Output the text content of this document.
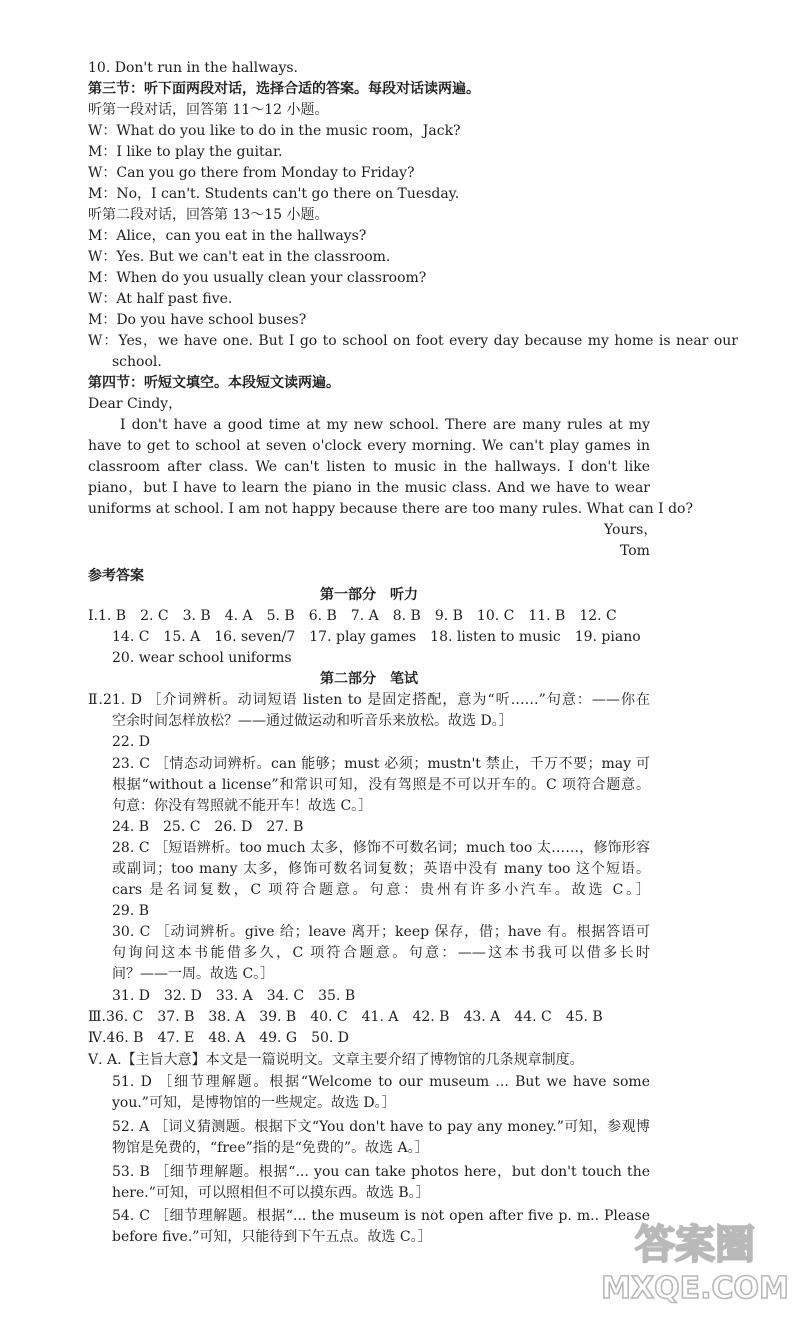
10. Don't run in the hallways.
第三节：听下面两段对话，选择合适的答案。每段对话读两遍。
听第一段对话，回答第 11～12 小题。
W：What do you like to do in the music room，Jack?
M：I like to play the guitar.
W：Can you go there from Monday to Friday?
M：No，I can't. Students can't go there on Tuesday.
听第二段对话，回答第 13～15 小题。
M：Alice，can you eat in the hallways?
W：Yes. But we can't eat in the classroom.
M：When do you usually clean your classroom?
W：At half past five.
M：Do you have school buses?
W：Yes，we have one. But I go to school on foot every day because my home is near our
school.
第四节：听短文填空。本段短文读两遍。
Dear Cindy，
I don't have a good time at my new school. There are many rules at my
have to get to school at seven o'clock every morning. We can't play games in
classroom after class. We can't listen to music in the hallways. I don't like
piano，but I have to learn the piano in the music class. And we have to wear
uniforms at school. I am not happy because there are too many rules. What can I do?
Yours，
Tom
参考答案
第一部分　听力
Ⅰ.1. B　2. C　3. B　4. A　5. B　6. B　7. A　8. B　9. B　10. C　11. B　12. C　
14. C　15. A　16. seven/7　17. play games　18. listen to music　19. piano
20. wear school uniforms
第二部分　笔试
Ⅱ.21. D ［介词辨析。动词短语 listen to 是固定搭配，意为“听……”句意：——你在
空余时间怎样放松？——通过做运动和听音乐来放松。故选 D。］
22. D
23. C ［情态动词辨析。can 能够；must 必须；mustn't 禁止，千万不要；may 可
根据“without a license”和常识可知，没有驾照是不可以开车的。C 项符合题意。
句意：你没有驾照就不能开车！故选 C。］
24. B　25. C　26. D　27. B
28. C ［短语辨析。too much 太多，修饰不可数名词；much too 太……，修饰形容
或副词；too many 太多，修饰可数名词复数；英语中没有 many too 这个短语。
cars 是名词复数，C 项符合题意。句意：贵州有许多小汽车。故选 C。］
29. B
30. C ［动词辨析。give 给；leave 离开；keep 保存，借；have 有。根据答语可
句询问这本书能借多久，C 项符合题意。句意：——这本书我可以借多长时
间？——一周。故选 C。］
31. D　32. D　33. A　34. C　35. B
Ⅲ.36. C　37. B　38. A　39. B　40. C　41. A　42. B　43. A　44. C　45. B
Ⅳ.46. B　47. E　48. A　49. G　50. D
Ⅴ. A.【主旨大意】本文是一篇说明文。文章主要介绍了博物馆的几条规章制度。
51. D ［细节理解题。根据“Welcome to our museum ... But we have some
you.”可知，是博物馆的一些规定。故选 D。］
52. A ［词义猜测题。根据下文“You don't have to pay any money.”可知，参观博
物馆是免费的，“free”指的是“免费的”。故选 A。］
53. B ［细节理解题。根据“... you can take photos here，but don't touch the
here.”可知，可以照相但不可以摸东西。故选 B。］
54. C ［细节理解题。根据“... the museum is not open after five p. m.. Please
before five.”可知，只能待到下午五点。故选 C。］	答案圈
MXQE.COM
